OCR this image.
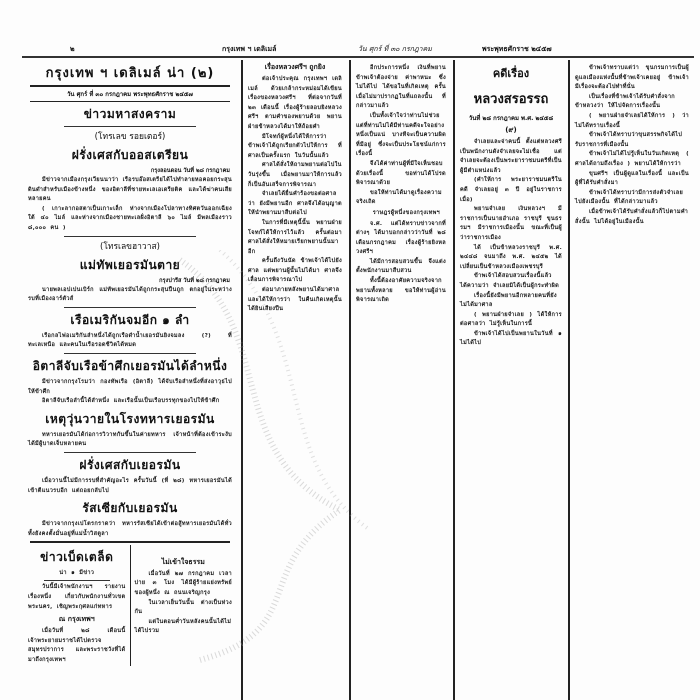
๒	กรุงเทพ ฯ เดลิเมล์	วัน ศุกร์ ที่ ๓๐ กรกฎาคม	พระพุทธศักราช ๒๔๕๗
กรุงเทพ ฯ เดลิเมล์ น่า (๒)
วัน ศุกร์ ที่ ๓๐ กรกฎาคม พระพุทธศักราช ๒๔๕๗
ข่าวมหาสงคราม
(โทรเลข รอยเตอร์)
ฝรั่งเศสกับออสเตรียน
กรุงลอนดอน วันที่ ๒๘ กรกฎาคม

มีข่าวจากเมืองกรุงเวียนนาว่า เรือรบอ๊อสเตรียได้ไปทำลายหอคอยกระสุนดินดำสำหรับเมืองข้างหนึ่ง ของอิตาลีที่ชายทะเลเอเดรียติค และได้ฆ่าคนเสียหลายคน

( เกาะลากอสตาเป็นเกาะเล็ก ห่างจากเมืองโปลาทางทิศตวันออกเฉียงใต้ ๔๐ ไมล์ และห่างจากเมืองชายทะเลฝั่งอิตาลี ๖๐ ไมล์ มีพลเมืองราว ๘,๐๐๐ คน )

(โทรเลขฮาวาส)
แม่ทัพเยอรมันตาย
กรุงปารีส วันที่ ๒๘ กรกฎาคม

นายพลเอปเปนเบิร์ก แม่ทัพเยอรมันได้ถูกกระสุนปืนถูก ตกอยู่ในระหว่างรบที่เมืองอาร์ตัวส์

เรือเมริกันจมอีก ๑ ลำ

เรือกลไฟอเมริกันลำหนึ่งได้ถูกเรือดำน้ำเยอรมันยิงจมลง (?) ที่ทะเลเหนือ และคนในเรือรอดชีวิตได้หมด

อิตาลีจับเรือข้าศึกเยอรมันได้ลำหนึ่ง

มีข่าวจากกรุงโรมว่า กองทัพเรือ (อิตาลี) ได้จับเรือลำหนึ่งที่ส่งอาวุธไปให้ข้าศึก

อิตาลีจับเรือลำนี้ได้ลำหนึ่ง และเรือนั้นเป็นเรือบรรทุกของไปให้ข้าศึก

เหตุวุ่นวายในโรงทหารเยอรมัน

ทหารเยอรมันได้ก่อการวิวาทกันขึ้นในค่ายทหาร เจ้าหน้าที่ต้องเข้าระงับ ได้มีผู้บาดเจ็บหลายคน

ฝรั่งเศสกับเยอรมัน

เมื่อวานนี้ไม่มีการรบที่สำคัญอะไร ครั้นวันนี้ (ที่ ๒๘) ทหารเยอรมันได้เข้าตีแนวรบอีก แต่ถอยกลับไป

รัสเซียกับเยอรมัน

มีข่าวจากกรุงเปโตรกราดว่า ทหารรัสเซียได้เข้าต่อสู้ทหารเยอรมันได้ทั่ว ทั้งยังคงตั้งมั่นอยู่ที่แม่น้ำวิสตูลา

ข่าวเบ็ดเตล็ด
น่า ๑ มีข่าว

วันนี้มีเจ้าพนักงานฯ รายงานเรื่องหนึ่ง เกี่ยวกับพนักงานทั่วเขตพระนคร, เชิญพระกุศลแก่ทหาร

ณ กรุงเทพฯ

เมื่อวันที่ ๒๘ เดือนนี้ เจ้าพระยายมราชได้ไปตรวจ สมุทรปราการ และพระราชวังที่ได้มาถึงกรุงเทพฯ

ไม่เข้าใจธรรม

เมื่อวันที่ ๒๗ กรกฎาคม เวลาบ่าย ๓ โมง ได้มีผู้ร้ายแย่งทรัพย์ของผู้หนึ่ง ณ ถนนเจริญกรุง

ในเวลาเย็นวันนั้น ต่างเป็นห่วงกัน

แต่ในตอนค่ำวันหลังคนนั้นได้ไม่ได้ไปรวม

เรื่องหลวงศรีฯ ถูกยิง

ต่อเจ้าประคุณ กรุงเทพฯ เดลิเมล์ ด้วยเกล้ากระหม่อมได้เขียนเรื่องของหลวงศรีฯ ที่ต่อจากวันที่ ๒๓ เดือนนี้ เรื่องผู้ร้ายลอบยิงหลวงศรีฯ ตามคำของพยานด้วย พยานฝ่ายข้าหลวงได้มาให้ถ้อยคำ

มีโจทก์ผู้หนึ่งได้ให้การว่า ข้าพเจ้าได้ถูกเรียกตัวไปให้การ ที่ศาลเป็นครั้งแรก ในวันนั้นแล้ว

ศาลได้สั่งให้ถามพยานต่อไปในวันรุ่งขึ้น เมื่อพยานมาให้การแล้ว ก็เป็นอันเสร็จการพิจารณา

จำเลยได้ยื่นคำร้องขอต่อศาลว่า ยังมีพยานอีก ศาลจึงได้อนุญาตให้นำพยานมาสืบต่อไป

ในการที่มีเหตุนี้นั้น พยานฝ่ายโจทก์ได้ให้การไว้แล้ว ครั้นต่อมาศาลได้สั่งให้หมายเรียกพยานนั้นมาอีก

ครั้นถึงวันนัด ข้าพเจ้าได้ไปยังศาล แต่พยานผู้นั้นไม่ได้มา ศาลจึงเลื่อนการพิจารณาไป

ต่อมาภายหลังพยานได้มาศาล และได้ให้การว่า ในคืนเกิดเหตุนั้นได้ยินเสียงปืน

อีกประการหนึ่ง เงินที่พยานข้าพเจ้าต้องจ่าย ค่าพาหนะ ซึ่งไม่ได้ไป ได้ขอในที่เกิดเหตุ ครั้นเมื่อไม่มาปรากฏในที่แถลงนั้น ที่กล่าวมาแล้ว

เป็นทั้งเจ้าใจว่าท่านไม่ช่วยแต่ที่ท่านไม่ได้มีท่านคดีจะใจอย่างหนึ่งเป็นแน่ บางทีจะเป็นความผิดที่มีอยู่ ซึ่งจะเป็นประโยชน์แก่การเรื่องนี้

จึงได้ค่าท่านผู้ที่มีใจเห็นชอบด้วยเรื่องนี้ ขอท่านได้โปรดพิจารณาด้วย

ขอให้ท่านได้มาดูเรื่องความจริงเถิด

ราษฎรผู้หนึ่งของกรุงเทพฯ

จ.ศ. แต่ได้ทราบข่าวจากที่ต่างๆ ได้มาบอกกล่าวว่าวันที่ ๒๘ เดือนกรกฎาคม เรื่องผู้ร้ายยิงหลวงศรีฯ

ได้มีการสอบสวนขึ้น จึงแต่งตั้งพนักงานมาสืบสวน

ทั้งนี้ต้องอาศัยความจริงจากพยานทั้งหลาย ขอให้ท่านผู้อ่านพิจารณาเถิด

คดีเรื่อง
หลวงสรอรรถ
วันที่ ๒๘ กรกฎาคม พ.ศ. ๒๔๕๘
(๙)

จำเลยและจ่าคนนี้ ตั้งแต่หลวงศรีเป็นพนักงานดังจำเลยจะไม่เชื่อ แต่จำเลยจะต้องเป็นพระยาราชมนตรีที่เป็นผู้มีตำแหน่งแล้ว

(คำให้การ พระยาราชมนตรีในคดี จำเลยอยู่ ๓ ปี อยู่ในราชการเมื่อ)

พยานจำเลย เงินหลวงฯ มีราชการเป็นนายอำเภอ ราชบุรี ขุนธรรมฯ มีราชการเมืองนั้น ขณะที่เป็นผู้ว่าราชการเมือง

ได้ เป็นข้าหลวงราชบุรี พ.ศ. ๒๔๔๘ จนมาถึง พ.ศ. ๒๔๕๒ ได้เปลี่ยนเป็นข้าหลวงเมืองเพชรบุรี

ข้าพเจ้าได้สอบสวนเรื่องนี้แล้ว ได้ความว่า จำเลยมิได้เป็นผู้กระทำผิด

เรื่องนี้ยังมีพยานอีกหลายคนที่ยังไม่ได้มาศาล

( พยานฝ่ายจำเลย ) ได้ให้การต่อศาลว่า ไม่รู้เห็นในการนี้

ข้าพเจ้าได้ไปเป็นพยานในวันที่ ๑ ไม่ได้ไป

ข้าพเจ้าทราบแต่ว่า ขุนกรมการเป็นผู้ดูแลเมืองแห่งนั้นที่ข้าพเจ้าเคยอยู่ ข้าพเจ้ามีเรื่องจะต้องไปทำที่นั่น

เป็นเรื่องที่ข้าพเจ้าได้รับคำสั่งจากข้าหลวงว่า ให้ไปจัดการเรื่องนั้น

( พยานฝ่ายจำเลยได้ให้การ ) ว่า ไม่ได้ทราบเรื่องนี้

ข้าพเจ้าได้ทราบว่าขุนสรรพกิจได้ไปรับราชการที่เมืองนั้น

ข้าพเจ้าไม่ได้ไปรู้เห็นในวันเกิดเหตุ ( ศาลได้ถามถึงเรื่อง ) พยานได้ให้การว่า

ขุนศรีฯ เป็นผู้ดูแลในเรื่องนี้ และเป็นผู้ที่ได้รับคำสั่งมา

ข้าพเจ้าได้ทราบว่ามีการส่งตัวจำเลยไปยังเมืองนั้น ที่ได้กล่าวมาแล้ว

เมื่อข้าพเจ้าได้รับคำสั่งแล้วก็ไปตามคำสั่งนั้น ไม่ได้อยู่ในเมืองนั้น
